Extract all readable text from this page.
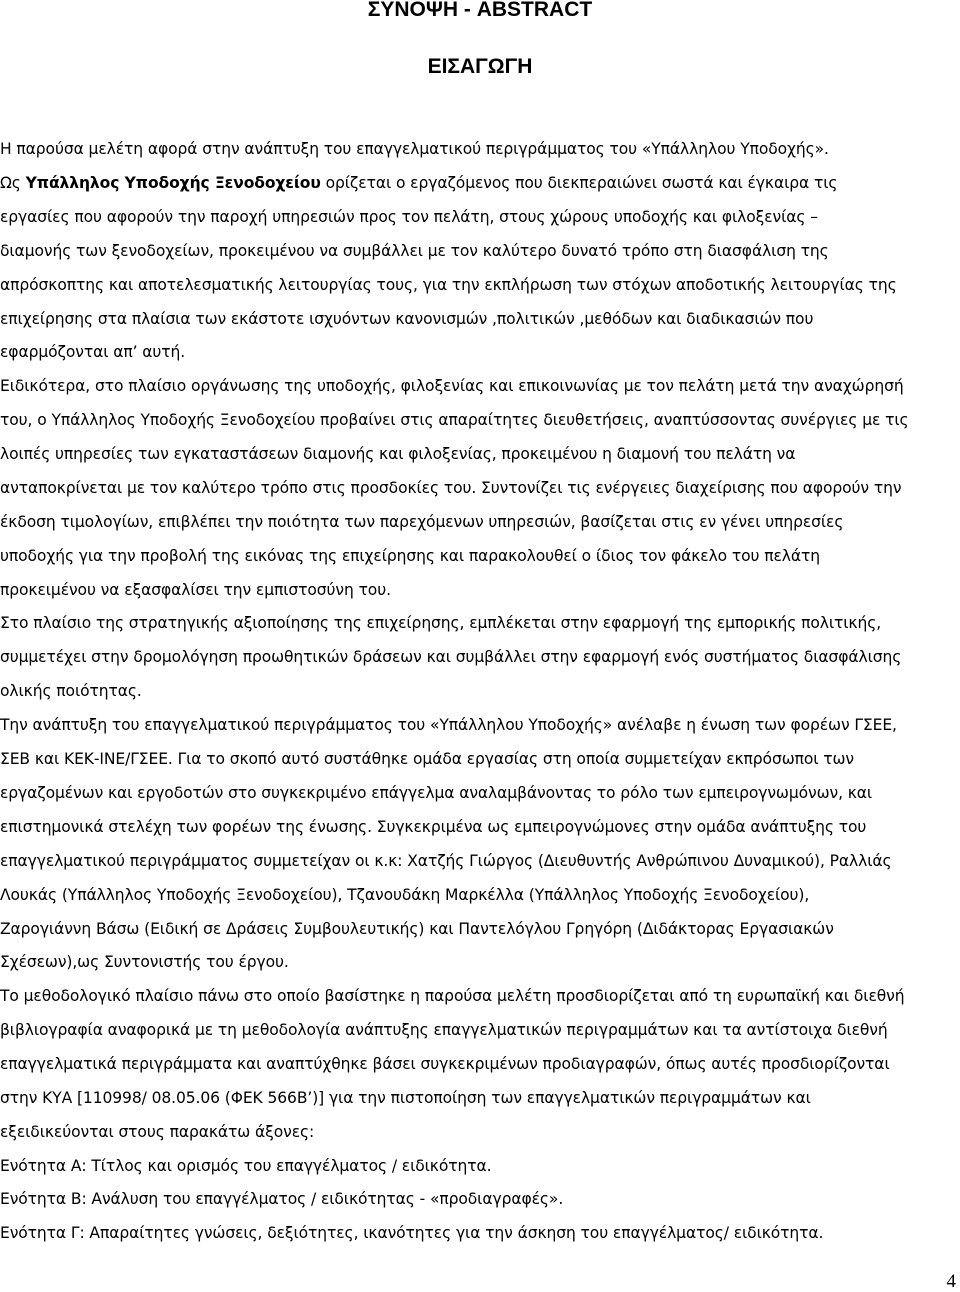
ΣΥΝΟΨΗ - ABSTRACT
ΕΙΣΑΓΩΓΗ

Η παρούσα μελέτη αφορά στην ανάπτυξη του επαγγελματικού περιγράμματος του «Υπάλληλου Υποδοχής».

Ως Υπάλληλος Υποδοχής Ξενοδοχείου ορίζεται ο εργαζόμενος που διεκπεραιώνει σωστά και έγκαιρα τις

εργασίες που αφορούν την παροχή υπηρεσιών προς τον πελάτη, στους χώρους υποδοχής και φιλοξενίας –

διαμονής των ξενοδοχείων, προκειμένου να συμβάλλει με τον καλύτερο δυνατό τρόπο στη διασφάλιση της

απρόσκοπτης και αποτελεσματικής λειτουργίας τους, για την εκπλήρωση των στόχων αποδοτικής λειτουργίας της

επιχείρησης στα πλαίσια των εκάστοτε ισχυόντων κανονισμών ,πολιτικών ,μεθόδων και διαδικασιών που

εφαρμόζονται απ’ αυτή.

Ειδικότερα, στο πλαίσιο οργάνωσης της υποδοχής, φιλοξενίας και επικοινωνίας με τον πελάτη μετά την αναχώρησή

του, ο Υπάλληλος Υποδοχής Ξενοδοχείου προβαίνει στις απαραίτητες διευθετήσεις, αναπτύσσοντας συνέργιες με τις

λοιπές υπηρεσίες των εγκαταστάσεων διαμονής και φιλοξενίας, προκειμένου η διαμονή του πελάτη να

ανταποκρίνεται με τον καλύτερο τρόπο στις προσδοκίες του. Συντονίζει τις ενέργειες διαχείρισης που αφορούν την

έκδοση τιμολογίων, επιβλέπει την ποιότητα των παρεχόμενων υπηρεσιών, βασίζεται στις εν γένει υπηρεσίες

υποδοχής για την προβολή της εικόνας της επιχείρησης και παρακολουθεί ο ίδιος τον φάκελο του πελάτη

προκειμένου να εξασφαλίσει την εμπιστοσύνη του.

Στο πλαίσιο της στρατηγικής αξιοποίησης της επιχείρησης, εμπλέκεται στην εφαρμογή της εμπορικής πολιτικής,

συμμετέχει στην δρομολόγηση προωθητικών δράσεων και συμβάλλει στην εφαρμογή ενός συστήματος διασφάλισης

ολικής ποιότητας.

Την ανάπτυξη του επαγγελματικού περιγράμματος του «Υπάλληλου Υποδοχής» ανέλαβε η ένωση των φορέων ΓΣΕΕ,

ΣΕΒ και ΚΕΚ-ΙΝΕ/ΓΣΕΕ. Για το σκοπό αυτό συστάθηκε ομάδα εργασίας στη οποία συμμετείχαν εκπρόσωποι των

εργαζομένων και εργοδοτών στο συγκεκριμένο επάγγελμα αναλαμβάνοντας το ρόλο των εμπειρογνωμόνων, και

επιστημονικά στελέχη των φορέων της ένωσης. Συγκεκριμένα ως εμπειρογνώμονες στην ομάδα ανάπτυξης του

επαγγελματικού περιγράμματος συμμετείχαν οι κ.κ: Χατζής Γιώργος (Διευθυντής Ανθρώπινου Δυναμικού), Ραλλιάς

Λουκάς (Υπάλληλος Υποδοχής Ξενοδοχείου), Τζανουδάκη Μαρκέλλα (Υπάλληλος Υποδοχής Ξενοδοχείου),

Ζαρογιάννη Βάσω (Ειδική σε Δράσεις Συμβουλευτικής) και Παντελόγλου Γρηγόρη (Διδάκτορας Εργασιακών

Σχέσεων),ως Συντονιστής του έργου.

Το μεθοδολογικό πλαίσιο πάνω στο οποίο βασίστηκε η παρούσα μελέτη προσδιορίζεται από τη ευρωπαϊκή και διεθνή

βιβλιογραφία αναφορικά με τη μεθοδολογία ανάπτυξης επαγγελματικών περιγραμμάτων και τα αντίστοιχα διεθνή

επαγγελματικά περιγράμματα και αναπτύχθηκε βάσει συγκεκριμένων προδιαγραφών, όπως αυτές προσδιορίζονται

στην ΚΥΑ [110998/ 08.05.06 (ΦΕΚ 566Β’)] για την πιστοποίηση των επαγγελματικών περιγραμμάτων και

εξειδικεύονται στους παρακάτω άξονες:

Ενότητα Α: Τίτλος και ορισμός του επαγγέλματος / ειδικότητα.

Ενότητα Β: Ανάλυση του επαγγέλματος / ειδικότητας - «προδιαγραφές».

Ενότητα Γ: Απαραίτητες γνώσεις, δεξιότητες, ικανότητες για την άσκηση του επαγγέλματος/ ειδικότητα.

4
